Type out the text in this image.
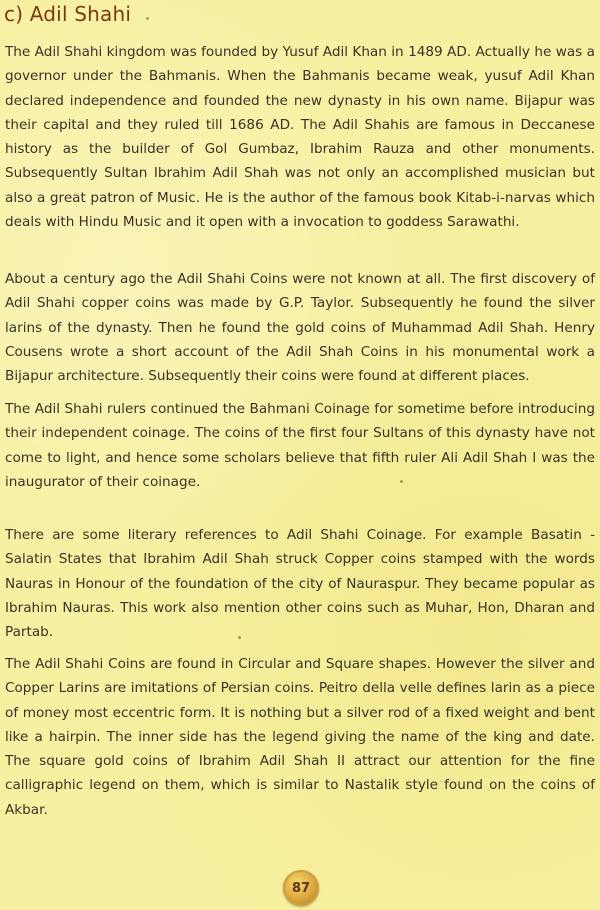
c) Adil Shahi

The Adil Shahi kingdom was founded by Yusuf Adil Khan in 1489 AD. Actually he was a governor under the Bahmanis. When the Bahmanis became weak, yusuf Adil Khan declared independence and founded the new dynasty in his own name. Bijapur was their capital and they ruled till 1686 AD. The Adil Shahis are famous in Deccanese history as the builder of Gol Gumbaz, Ibrahim Rauza and other monuments. Subsequently Sultan Ibrahim Adil Shah was not only an accomplished musician but also a great patron of Music. He is the author of the famous book Kitab-i-narvas which deals with Hindu Music and it open with a invocation to goddess Sarawathi.

About a century ago the Adil Shahi Coins were not known at all. The first discovery of Adil Shahi copper coins was made by G.P. Taylor. Subsequently he found the silver larins of the dynasty. Then he found the gold coins of Muhammad Adil Shah. Henry Cousens wrote a short account of the Adil Shah Coins in his monumental work a Bijapur architecture. Subsequently their coins were found at different places.

The Adil Shahi rulers continued the Bahmani Coinage for sometime before introducing their independent coinage. The coins of the first four Sultans of this dynasty have not come to light, and hence some scholars believe that fifth ruler Ali Adil Shah I was the inaugurator of their coinage.

There are some literary references to Adil Shahi Coinage. For example Basatin - Salatin States that Ibrahim Adil Shah struck Copper coins stamped with the words Nauras in Honour of the foundation of the city of Nauraspur. They became popular as Ibrahim Nauras. This work also mention other coins such as Muhar, Hon, Dharan and Partab.

The Adil Shahi Coins are found in Circular and Square shapes. However the silver and Copper Larins are imitations of Persian coins. Peitro della velle defines larin as a piece of money most eccentric form. It is nothing but a silver rod of a fixed weight and bent like a hairpin. The inner side has the legend giving the name of the king and date. The square gold coins of Ibrahim Adil Shah II attract our attention for the fine calligraphic legend on them, which is similar to Nastalik style found on the coins of Akbar.

87
